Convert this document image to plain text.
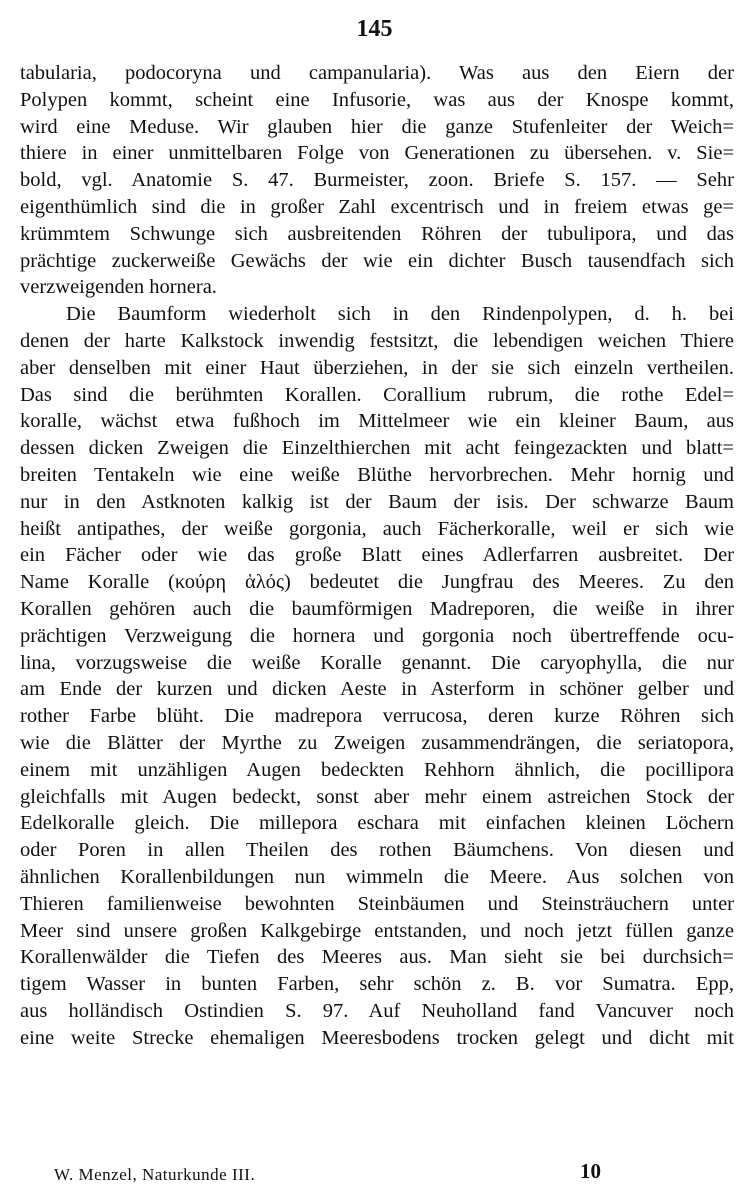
145
tabularia, podocoryna und campanularia). Was aus den Eiern der
Polypen kommt, scheint eine Infusorie, was aus der Knospe kommt,
wird eine Meduse. Wir glauben hier die ganze Stufenleiter der Weich=
thiere in einer unmittelbaren Folge von Generationen zu übersehen. v. Sie=
bold, vgl. Anatomie S. 47. Burmeister, zoon. Briefe S. 157. — Sehr
eigenthümlich sind die in großer Zahl excentrisch und in freiem etwas ge=
krümmtem Schwunge sich ausbreitenden Röhren der tubulipora, und das
prächtige zuckerweiße Gewächs der wie ein dichter Busch tausendfach sich
verzweigenden hornera.
Die Baumform wiederholt sich in den Rindenpolypen, d. h. bei
denen der harte Kalkstock inwendig festsitzt, die lebendigen weichen Thiere
aber denselben mit einer Haut überziehen, in der sie sich einzeln vertheilen.
Das sind die berühmten Korallen. Corallium rubrum, die rothe Edel=
koralle, wächst etwa fußhoch im Mittelmeer wie ein kleiner Baum, aus
dessen dicken Zweigen die Einzelthierchen mit acht feingezackten und blatt=
breiten Tentakeln wie eine weiße Blüthe hervorbrechen. Mehr hornig und
nur in den Astknoten kalkig ist der Baum der isis. Der schwarze Baum
heißt antipathes, der weiße gorgonia, auch Fächerkoralle, weil er sich wie
ein Fächer oder wie das große Blatt eines Adlerfarren ausbreitet. Der
Name Koralle (κούρη ἁλός) bedeutet die Jungfrau des Meeres. Zu den
Korallen gehören auch die baumförmigen Madreporen, die weiße in ihrer
prächtigen Verzweigung die hornera und gorgonia noch übertreffende ocu-
lina, vorzugsweise die weiße Koralle genannt. Die caryophylla, die nur
am Ende der kurzen und dicken Aeste in Asterform in schöner gelber und
rother Farbe blüht. Die madrepora verrucosa, deren kurze Röhren sich
wie die Blätter der Myrthe zu Zweigen zusammendrängen, die seriatopora,
einem mit unzähligen Augen bedeckten Rehhorn ähnlich, die pocillipora
gleichfalls mit Augen bedeckt, sonst aber mehr einem astreichen Stock der
Edelkoralle gleich. Die millepora eschara mit einfachen kleinen Löchern
oder Poren in allen Theilen des rothen Bäumchens. Von diesen und
ähnlichen Korallenbildungen nun wimmeln die Meere. Aus solchen von
Thieren familienweise bewohnten Steinbäumen und Steinsträuchern unter
Meer sind unsere großen Kalkgebirge entstanden, und noch jetzt füllen ganze
Korallenwälder die Tiefen des Meeres aus. Man sieht sie bei durchsich=
tigem Wasser in bunten Farben, sehr schön z. B. vor Sumatra. Epp,
aus holländisch Ostindien S. 97. Auf Neuholland fand Vancuver noch
eine weite Strecke ehemaligen Meeresbodens trocken gelegt und dicht mit
W. Menzel, Naturkunde III.	10
